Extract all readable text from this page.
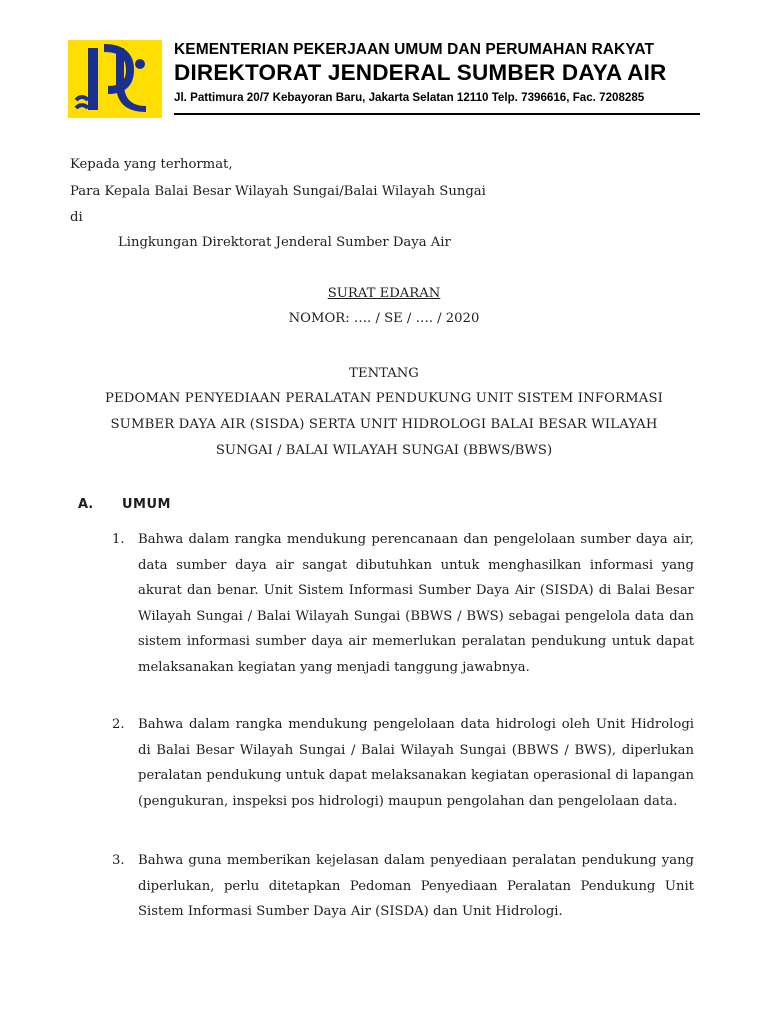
KEMENTERIAN PEKERJAAN UMUM DAN PERUMAHAN RAKYAT
DIREKTORAT JENDERAL SUMBER DAYA AIR
Jl. Pattimura 20/7 Kebayoran Baru, Jakarta Selatan 12110 Telp. 7396616, Fac. 7208285
Kepada yang terhormat,
Para Kepala Balai Besar Wilayah Sungai/Balai Wilayah Sungai
di
Lingkungan Direktorat Jenderal Sumber Daya Air
SURAT EDARAN
NOMOR: …. / SE / …. / 2020
TENTANG
PEDOMAN PENYEDIAAN PERALATAN PENDUKUNG UNIT SISTEM INFORMASI
SUMBER DAYA AIR (SISDA) SERTA UNIT HIDROLOGI BALAI BESAR WILAYAH
SUNGAI / BALAI WILAYAH SUNGAI (BBWS/BWS)
A. UMUM
1.	Bahwa dalam rangka mendukung perencanaan dan pengelolaan sumber daya air, data sumber daya air sangat dibutuhkan untuk menghasilkan informasi yang akurat dan benar. Unit Sistem Informasi Sumber Daya Air (SISDA) di Balai Besar Wilayah Sungai / Balai Wilayah Sungai (BBWS / BWS) sebagai pengelola data dan sistem informasi sumber daya air memerlukan peralatan pendukung untuk dapat melaksanakan kegiatan yang menjadi tanggung jawabnya.
2.	Bahwa dalam rangka mendukung pengelolaan data hidrologi oleh Unit Hidrologi di Balai Besar Wilayah Sungai / Balai Wilayah Sungai (BBWS / BWS), diperlukan peralatan pendukung untuk dapat melaksanakan kegiatan operasional di lapangan (pengukuran, inspeksi pos hidrologi) maupun pengolahan dan pengelolaan data.
3.	Bahwa guna memberikan kejelasan dalam penyediaan peralatan pendukung yang diperlukan, perlu ditetapkan Pedoman Penyediaan Peralatan Pendukung Unit Sistem Informasi Sumber Daya Air (SISDA) dan Unit Hidrologi.
